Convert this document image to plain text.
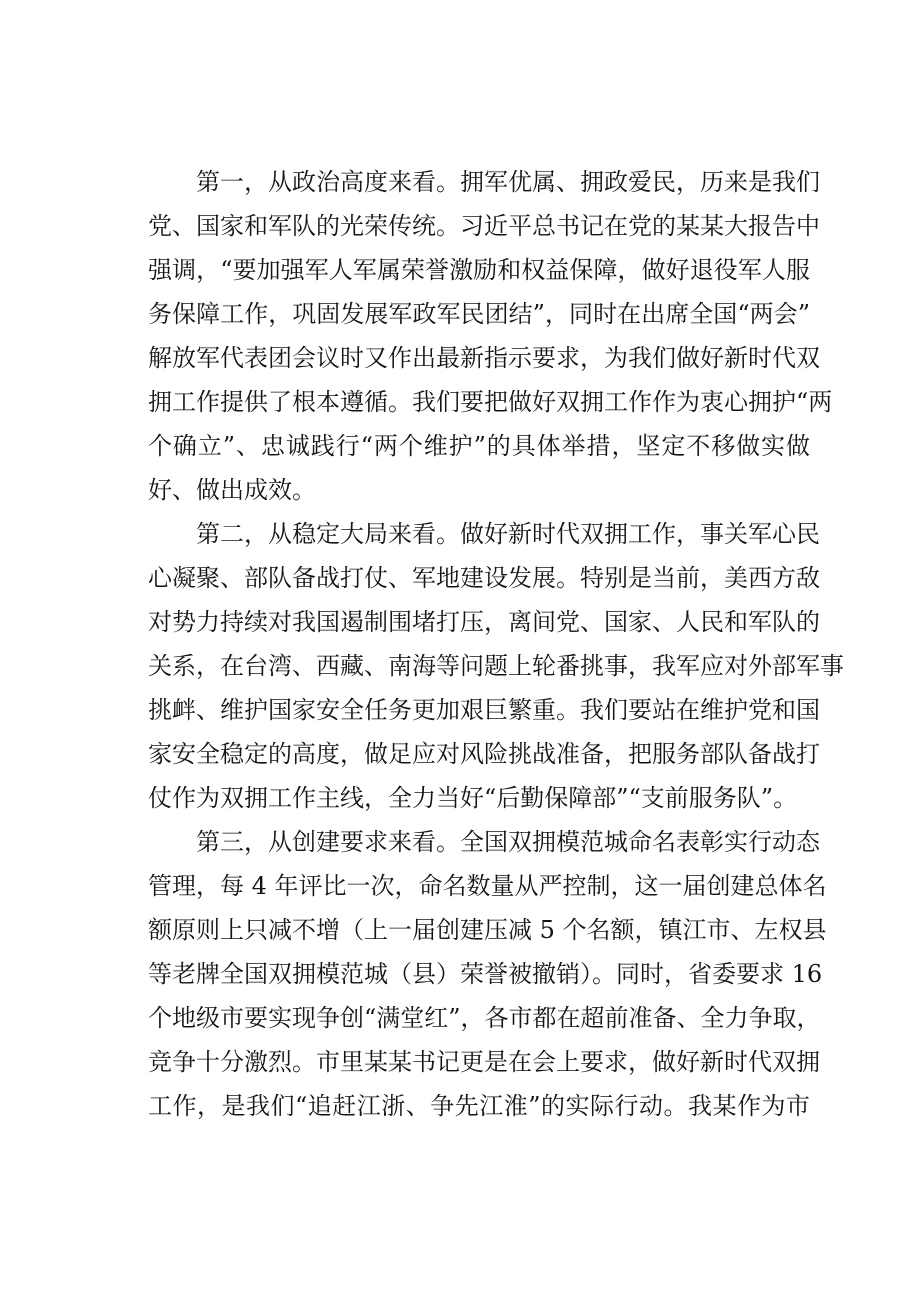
第一，从政治高度来看。拥军优属、拥政爱民，历来是我们
党、国家和军队的光荣传统。习近平总书记在党的某某大报告中
强调，“要加强军人军属荣誉激励和权益保障，做好退役军人服
务保障工作，巩固发展军政军民团结”，同时在出席全国“两会”
解放军代表团会议时又作出最新指示要求，为我们做好新时代双
拥工作提供了根本遵循。我们要把做好双拥工作作为衷心拥护“两
个确立”、忠诚践行“两个维护”的具体举措，坚定不移做实做
好、做出成效。
第二，从稳定大局来看。做好新时代双拥工作，事关军心民
心凝聚、部队备战打仗、军地建设发展。特别是当前，美西方敌
对势力持续对我国遏制围堵打压，离间党、国家、人民和军队的
关系，在台湾、西藏、南海等问题上轮番挑事，我军应对外部军事
挑衅、维护国家安全任务更加艰巨繁重。我们要站在维护党和国
家安全稳定的高度，做足应对风险挑战准备，把服务部队备战打
仗作为双拥工作主线，全力当好“后勤保障部”“支前服务队”。
第三，从创建要求来看。全国双拥模范城命名表彰实行动态
管理，每 4 年评比一次，命名数量从严控制，这一届创建总体名
额原则上只减不增（上一届创建压减 5 个名额，镇江市、左权县
等老牌全国双拥模范城（县）荣誉被撤销）。同时，省委要求 16
个地级市要实现争创“满堂红”，各市都在超前准备、全力争取，
竞争十分激烈。市里某某书记更是在会上要求，做好新时代双拥
工作，是我们“追赶江浙、争先江淮”的实际行动。我某作为市
